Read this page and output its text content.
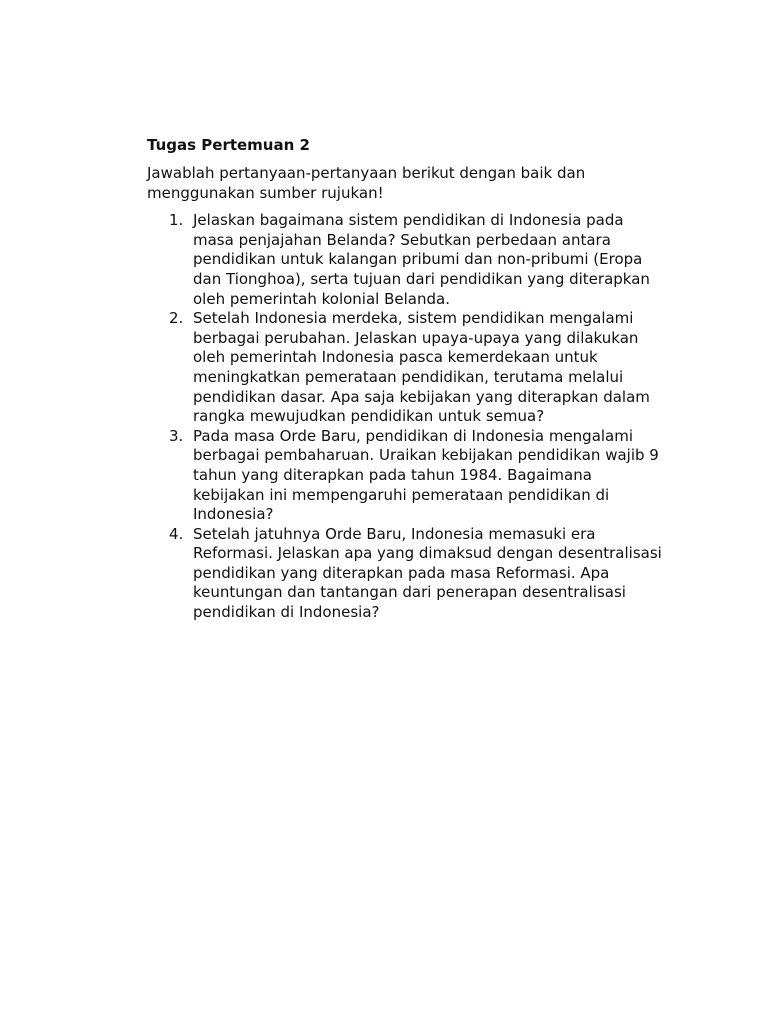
Tugas Pertemuan 2
Jawablah pertanyaan-pertanyaan berikut dengan baik dan menggunakan sumber rujukan!
1. Jelaskan bagaimana sistem pendidikan di Indonesia pada masa penjajahan Belanda? Sebutkan perbedaan antara pendidikan untuk kalangan pribumi dan non-pribumi (Eropa dan Tionghoa), serta tujuan dari pendidikan yang diterapkan oleh pemerintah kolonial Belanda.
2. Setelah Indonesia merdeka, sistem pendidikan mengalami berbagai perubahan. Jelaskan upaya-upaya yang dilakukan oleh pemerintah Indonesia pasca kemerdekaan untuk meningkatkan pemerataan pendidikan, terutama melalui pendidikan dasar. Apa saja kebijakan yang diterapkan dalam rangka mewujudkan pendidikan untuk semua?
3. Pada masa Orde Baru, pendidikan di Indonesia mengalami berbagai pembaharuan. Uraikan kebijakan pendidikan wajib 9 tahun yang diterapkan pada tahun 1984. Bagaimana kebijakan ini mempengaruhi pemerataan pendidikan di Indonesia?
4. Setelah jatuhnya Orde Baru, Indonesia memasuki era Reformasi. Jelaskan apa yang dimaksud dengan desentralisasi pendidikan yang diterapkan pada masa Reformasi. Apa keuntungan dan tantangan dari penerapan desentralisasi pendidikan di Indonesia?
